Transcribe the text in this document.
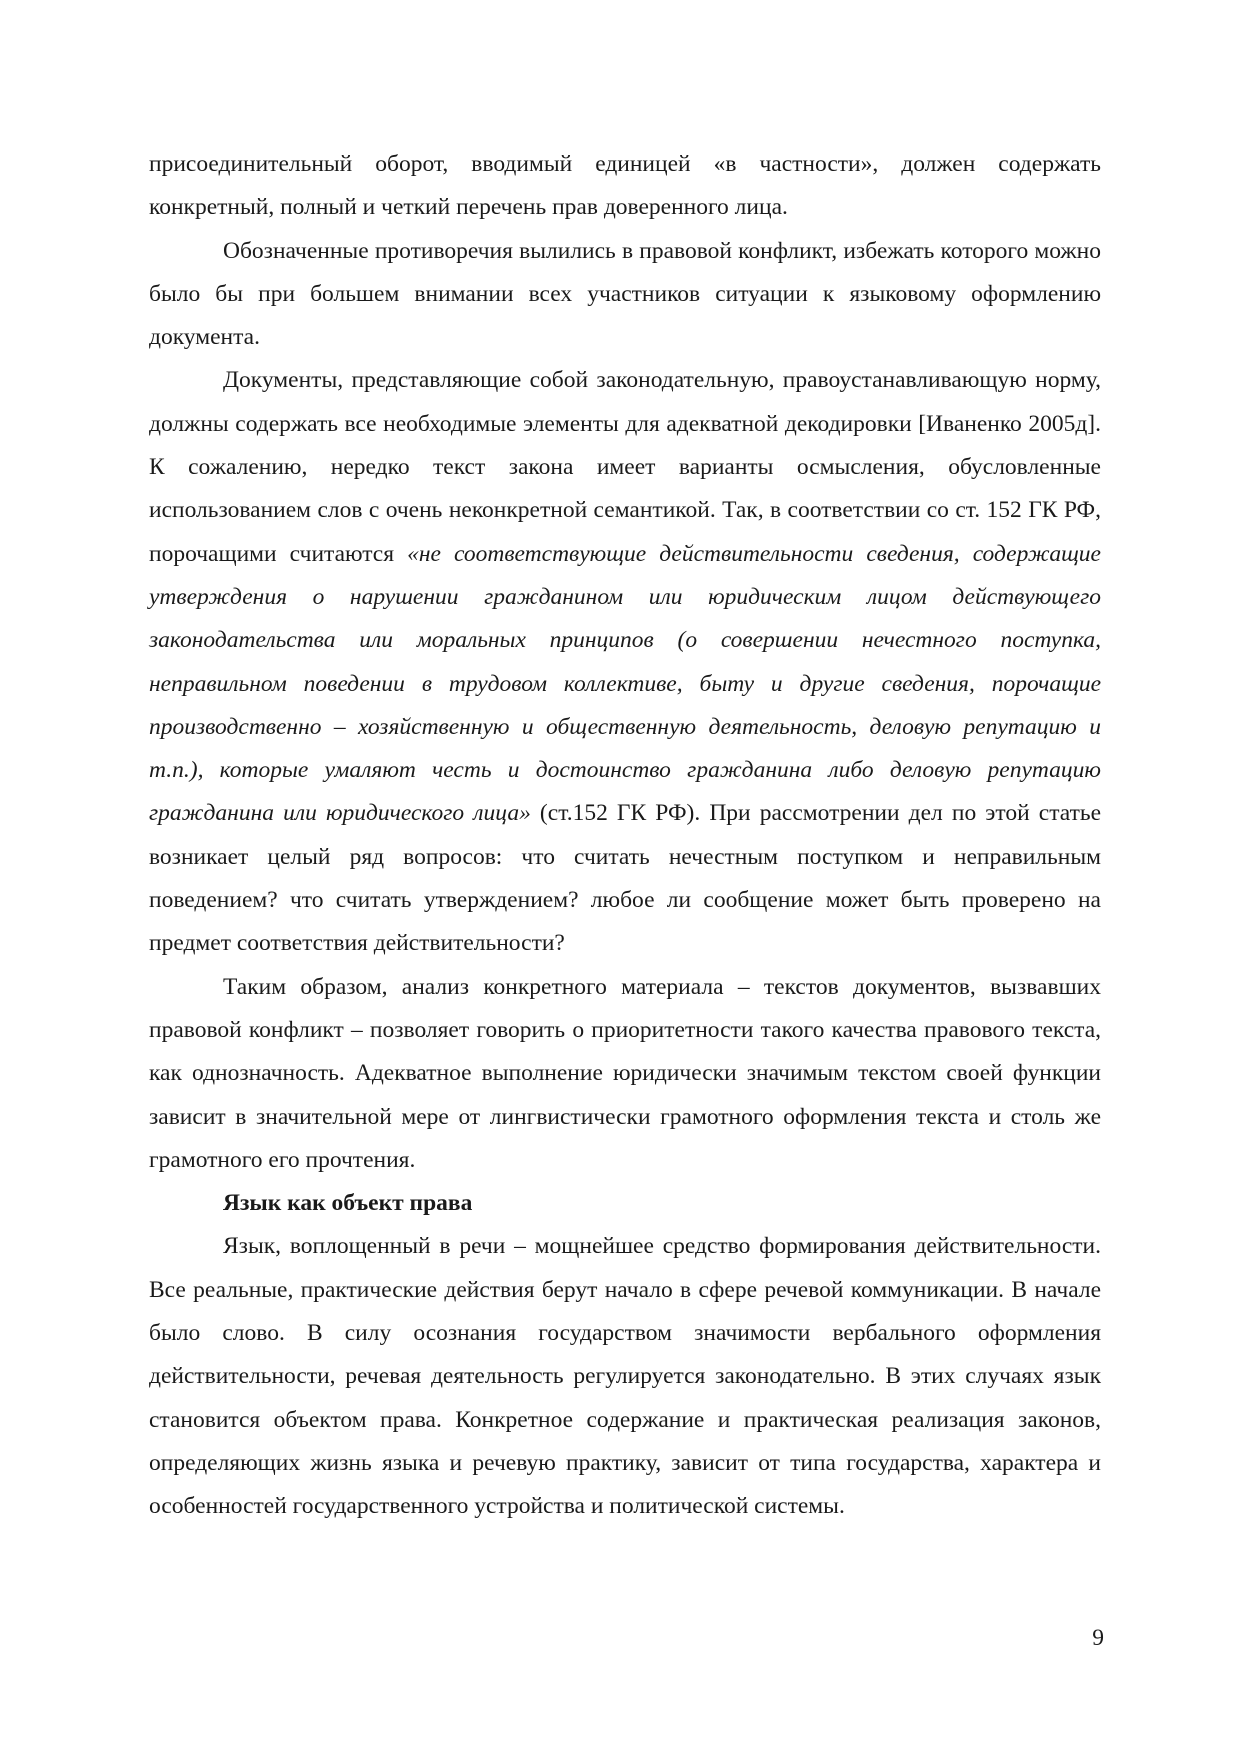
присоединительный оборот, вводимый единицей «в частности», должен содержать конкретный, полный и четкий перечень прав доверенного лица.

Обозначенные противоречия вылились в правовой конфликт, избежать которого можно было бы при большем внимании всех участников ситуации к языковому оформлению документа.

Документы, представляющие собой законодательную, правоустанавливающую норму, должны содержать все необходимые элементы для адекватной декодировки [Иваненко 2005д]. К сожалению, нередко текст закона имеет варианты осмысления, обусловленные использованием слов с очень неконкретной семантикой. Так, в соответствии со ст. 152 ГК РФ, порочащими считаются «не соответствующие действительности сведения, содержащие утверждения о нарушении гражданином или юридическим лицом действующего законодательства или моральных принципов (о совершении нечестного поступка, неправильном поведении в трудовом коллективе, быту и другие сведения, порочащие производственно – хозяйственную и общественную деятельность, деловую репутацию и т.п.), которые умаляют честь и достоинство гражданина либо деловую репутацию гражданина или юридического лица» (ст.152 ГК РФ). При рассмотрении дел по этой статье возникает целый ряд вопросов: что считать нечестным поступком и неправильным поведением? что считать утверждением? любое ли сообщение может быть проверено на предмет соответствия действительности?

Таким образом, анализ конкретного материала – текстов документов, вызвавших правовой конфликт – позволяет говорить о приоритетности такого качества правового текста, как однозначность. Адекватное выполнение юридически значимым текстом своей функции зависит в значительной мере от лингвистически грамотного оформления текста и столь же грамотного его прочтения.

Язык как объект права

Язык, воплощенный в речи – мощнейшее средство формирования действительности. Все реальные, практические действия берут начало в сфере речевой коммуникации. В начале было слово. В силу осознания государством значимости вербального оформления действительности, речевая деятельность регулируется законодательно. В этих случаях язык становится объектом права. Конкретное содержание и практическая реализация законов, определяющих жизнь языка и речевую практику, зависит от типа государства, характера и особенностей государственного устройства и политической системы.

9
